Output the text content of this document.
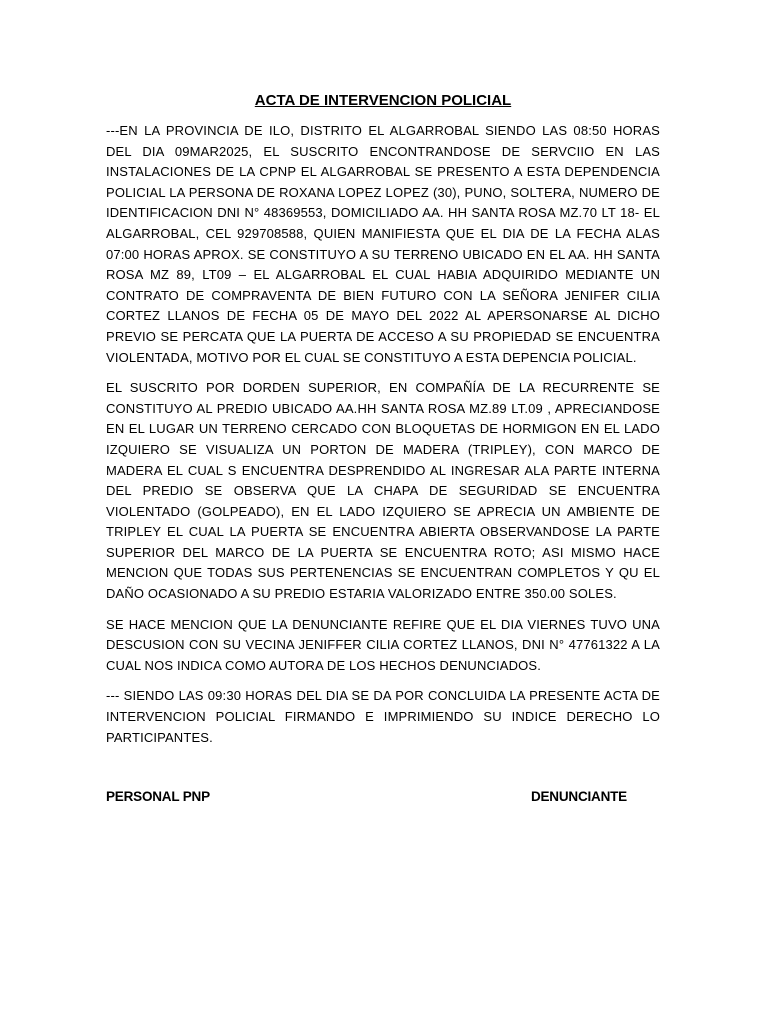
ACTA DE INTERVENCION POLICIAL

---EN LA PROVINCIA DE ILO, DISTRITO EL ALGARROBAL SIENDO LAS 08:50 HORAS DEL DIA 09MAR2025, EL SUSCRITO ENCONTRANDOSE DE SERVCIIO EN LAS INSTALACIONES DE LA CPNP EL ALGARROBAL SE PRESENTO A ESTA DEPENDENCIA POLICIAL LA PERSONA DE ROXANA LOPEZ LOPEZ (30), PUNO, SOLTERA, NUMERO DE IDENTIFICACION DNI N° 48369553, DOMICILIADO AA. HH SANTA ROSA MZ.70 LT 18- EL ALGARROBAL, CEL 929708588, QUIEN MANIFIESTA QUE EL DIA DE LA FECHA ALAS 07:00 HORAS APROX. SE CONSTITUYO A SU TERRENO UBICADO EN EL AA. HH SANTA ROSA MZ 89, LT09 – EL ALGARROBAL EL CUAL HABIA ADQUIRIDO MEDIANTE UN CONTRATO DE COMPRAVENTA DE BIEN FUTURO CON LA SEÑORA JENIFER CILIA CORTEZ LLANOS DE FECHA 05 DE MAYO DEL 2022 AL APERSONARSE AL DICHO PREVIO SE PERCATA QUE LA PUERTA DE ACCESO A SU PROPIEDAD SE ENCUENTRA VIOLENTADA, MOTIVO POR EL CUAL SE CONSTITUYO A ESTA DEPENCIA POLICIAL.

EL SUSCRITO POR DORDEN SUPERIOR, EN COMPAÑÍA DE LA RECURRENTE SE CONSTITUYO AL PREDIO UBICADO AA.HH SANTA ROSA MZ.89 LT.09 , APRECIANDOSE EN EL LUGAR UN TERRENO CERCADO CON BLOQUETAS DE HORMIGON EN EL LADO IZQUIERO SE VISUALIZA UN PORTON DE MADERA (TRIPLEY), CON MARCO DE MADERA EL CUAL S ENCUENTRA DESPRENDIDO AL INGRESAR ALA PARTE INTERNA DEL PREDIO SE OBSERVA QUE LA CHAPA DE SEGURIDAD SE ENCUENTRA VIOLENTADO (GOLPEADO), EN EL LADO IZQUIERO SE APRECIA UN AMBIENTE DE TRIPLEY EL CUAL LA PUERTA SE ENCUENTRA ABIERTA OBSERVANDOSE LA PARTE SUPERIOR DEL MARCO DE LA PUERTA SE ENCUENTRA ROTO; ASI MISMO HACE MENCION QUE TODAS SUS PERTENENCIAS SE ENCUENTRAN COMPLETOS Y QU EL DAÑO OCASIONADO A SU PREDIO ESTARIA VALORIZADO ENTRE 350.00 SOLES.

SE HACE MENCION QUE LA DENUNCIANTE REFIRE QUE EL DIA VIERNES TUVO UNA DESCUSION CON SU VECINA JENIFFER CILIA CORTEZ LLANOS, DNI N° 47761322 A LA CUAL NOS INDICA COMO AUTORA DE LOS HECHOS DENUNCIADOS.

--- SIENDO LAS 09:30 HORAS DEL DIA SE DA POR CONCLUIDA LA PRESENTE ACTA DE INTERVENCION POLICIAL FIRMANDO E IMPRIMIENDO SU INDICE DERECHO LO PARTICIPANTES.

PERSONAL PNP	DENUNCIANTE
